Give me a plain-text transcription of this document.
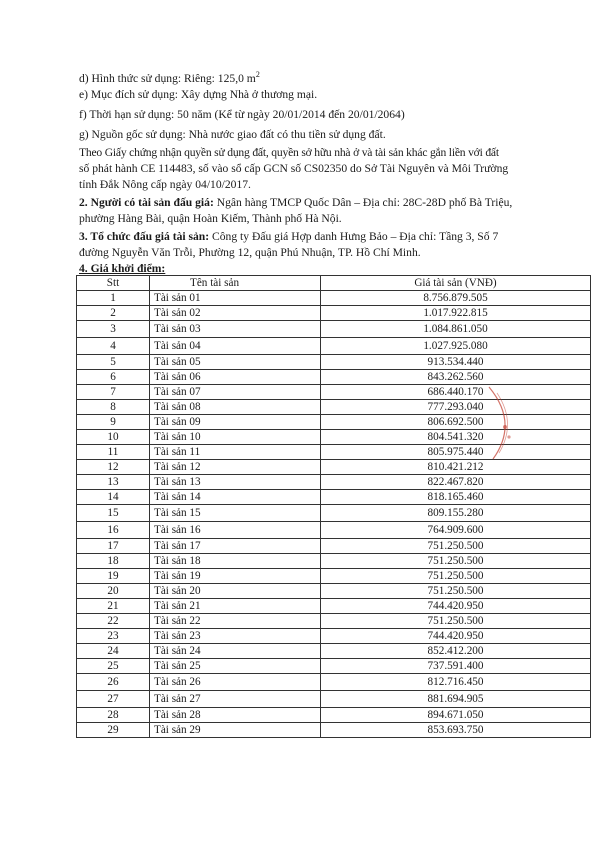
d) Hình thức sử dụng: Riêng: 125,0 $m^2$
e) Mục đích sử dụng: Xây dựng Nhà ở thương mại.
f) Thời hạn sử dụng: 50 năm (Kể từ ngày 20/01/2014 đến 20/01/2064)
g) Nguồn gốc sử dụng: Nhà nước giao đất có thu tiền sử dụng đất.
Theo Giấy chứng nhận quyền sử dụng đất, quyền sở hữu nhà ở và tài sản khác gắn liền với đất
số phát hành CE 114483, số vào sổ cấp GCN số CS02350 do Sở Tài Nguyên và Môi Trường
tỉnh Đắk Nông cấp ngày 04/10/2017.
2. Người có tài sản đấu giá: Ngân hàng TMCP Quốc Dân – Địa chỉ: 28C-28D phố Bà Triệu,
phường Hàng Bài, quận Hoàn Kiếm, Thành phố Hà Nội.
3. Tổ chức đấu giá tài sản: Công ty Đấu giá Hợp danh Hưng Bảo – Địa chỉ: Tầng 3, Số 7
đường Nguyễn Văn Trỗi, Phường 12, quận Phú Nhuận, TP. Hồ Chí Minh.
4. Giá khởi điểm:
Stt	Tên tài sản	Giá tài sản (VNĐ)
1	Tài sản 01	8.756.879.505
2	Tài sản 02	1.017.922.815
3	Tài sản 03	1.084.861.050
4	Tài sản 04	1.027.925.080
5	Tài sản 05	913.534.440
6	Tài sản 06	843.262.560
7	Tài sản 07	686.440.170
8	Tài sản 08	777.293.040
9	Tài sản 09	806.692.500
10	Tài sản 10	804.541.320
11	Tài sản 11	805.975.440
12	Tài sản 12	810.421.212
13	Tài sản 13	822.467.820
14	Tài sản 14	818.165.460
15	Tài sản 15	809.155.280
16	Tài sản 16	764.909.600
17	Tài sản 17	751.250.500
18	Tài sản 18	751.250.500
19	Tài sản 19	751.250.500
20	Tài sản 20	751.250.500
21	Tài sản 21	744.420.950
22	Tài sản 22	751.250.500
23	Tài sản 23	744.420.950
24	Tài sản 24	852.412.200
25	Tài sản 25	737.591.400
26	Tài sản 26	812.716.450
27	Tài sản 27	881.694.905
28	Tài sản 28	894.671.050
29	Tài sản 29	853.693.750
